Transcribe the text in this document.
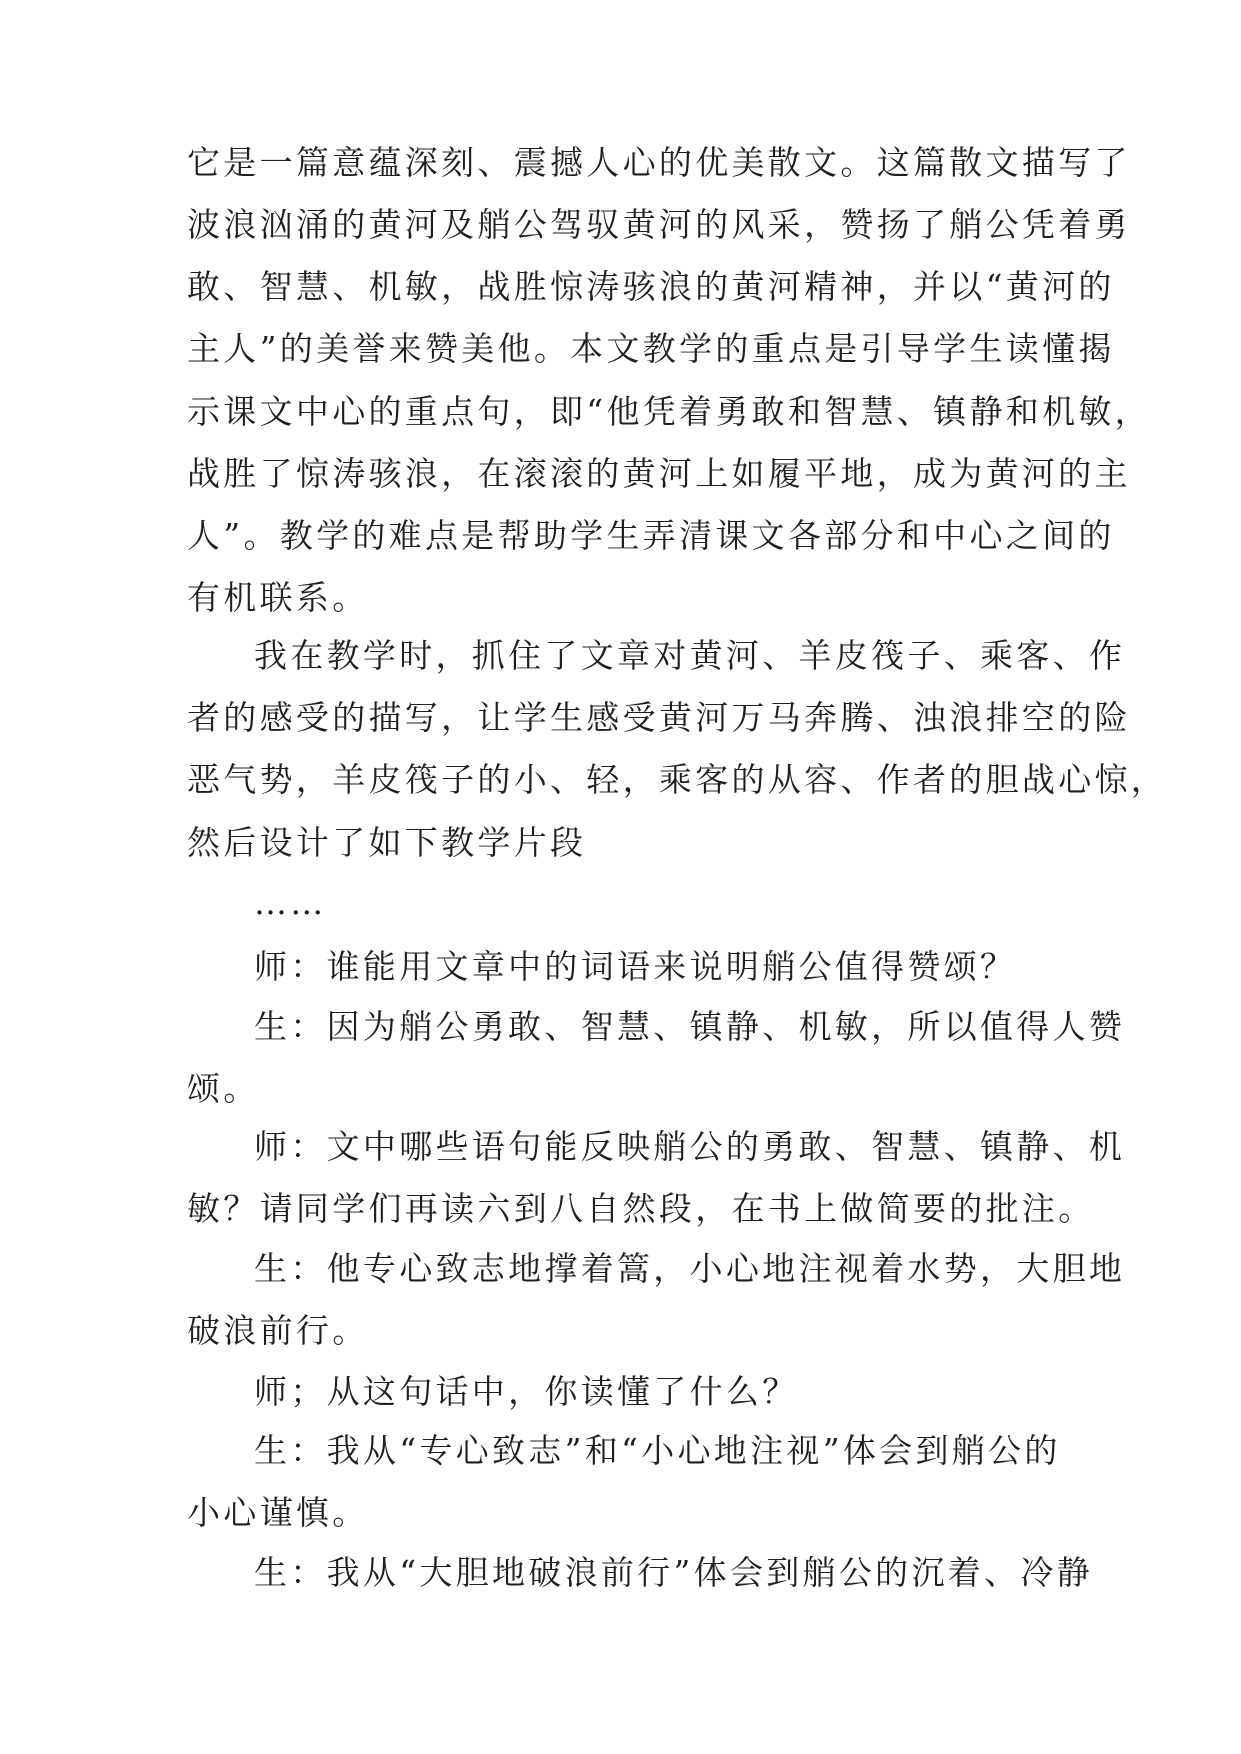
它是一篇意蕴深刻、震撼人心的优美散文。这篇散文描写了
波浪汹涌的黄河及艄公驾驭黄河的风采，赞扬了艄公凭着勇
敢、智慧、机敏，战胜惊涛骇浪的黄河精神，并以“黄河的
主人”的美誉来赞美他。本文教学的重点是引导学生读懂揭
示课文中心的重点句，即“他凭着勇敢和智慧、镇静和机敏，
战胜了惊涛骇浪，在滚滚的黄河上如履平地，成为黄河的主
人”。教学的难点是帮助学生弄清课文各部分和中心之间的
有机联系。
我在教学时，抓住了文章对黄河、羊皮筏子、乘客、作
者的感受的描写，让学生感受黄河万马奔腾、浊浪排空的险
恶气势，羊皮筏子的小、轻，乘客的从容、作者的胆战心惊，
然后设计了如下教学片段
……
师：谁能用文章中的词语来说明艄公值得赞颂？
生：因为艄公勇敢、智慧、镇静、机敏，所以值得人赞
颂。
师：文中哪些语句能反映艄公的勇敢、智慧、镇静、机
敏？请同学们再读六到八自然段，在书上做简要的批注。
生：他专心致志地撑着篙，小心地注视着水势，大胆地
破浪前行。
师；从这句话中，你读懂了什么？
生：我从“专心致志”和“小心地注视”体会到艄公的
小心谨慎。
生：我从“大胆地破浪前行”体会到艄公的沉着、冷静
